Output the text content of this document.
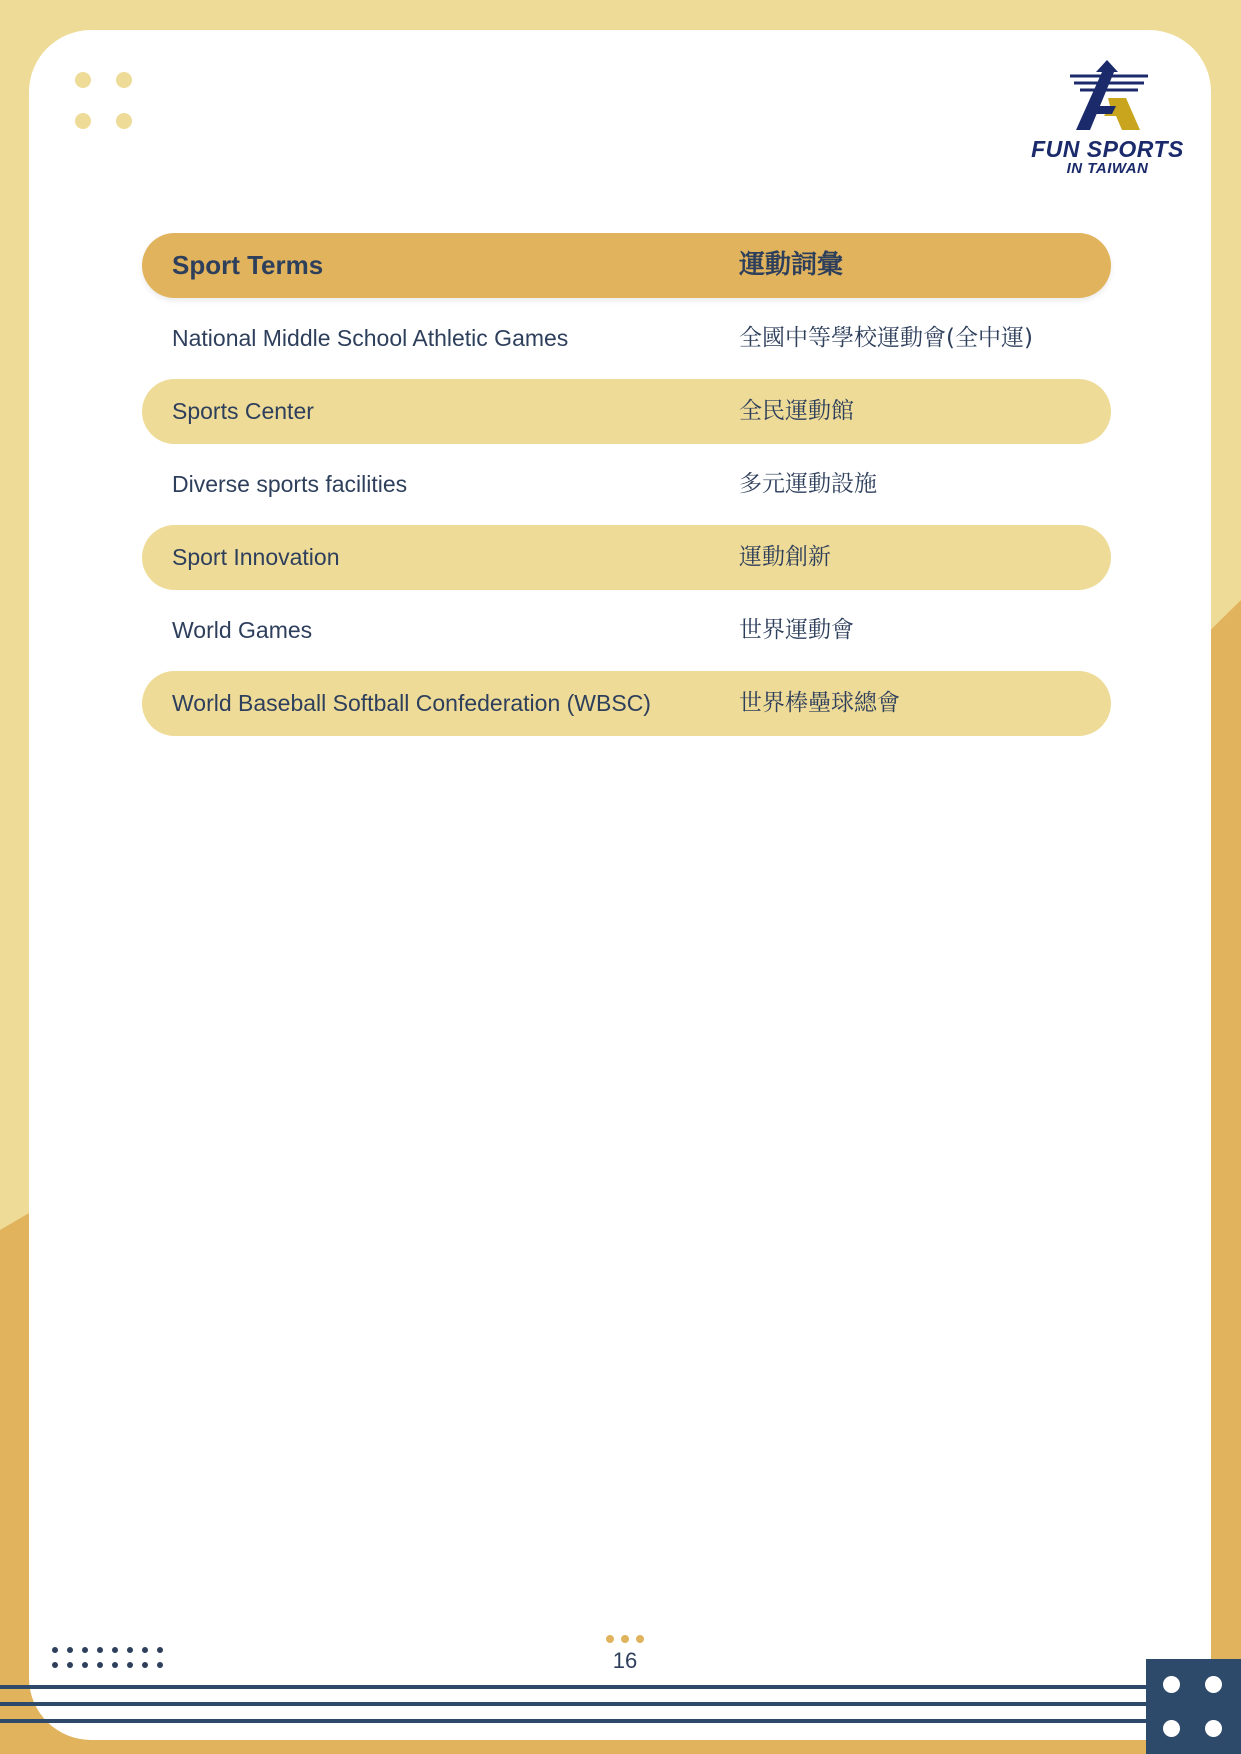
FUN SPORTS
IN TAIWAN
Sport Terms	運動詞彙
National Middle School Athletic Games	全國中等學校運動會(全中運)
Sports Center	全民運動館
Diverse sports facilities	多元運動設施
Sport Innovation	運動創新
World Games	世界運動會
World Baseball Softball Confederation (WBSC)	世界棒壘球總會
16
